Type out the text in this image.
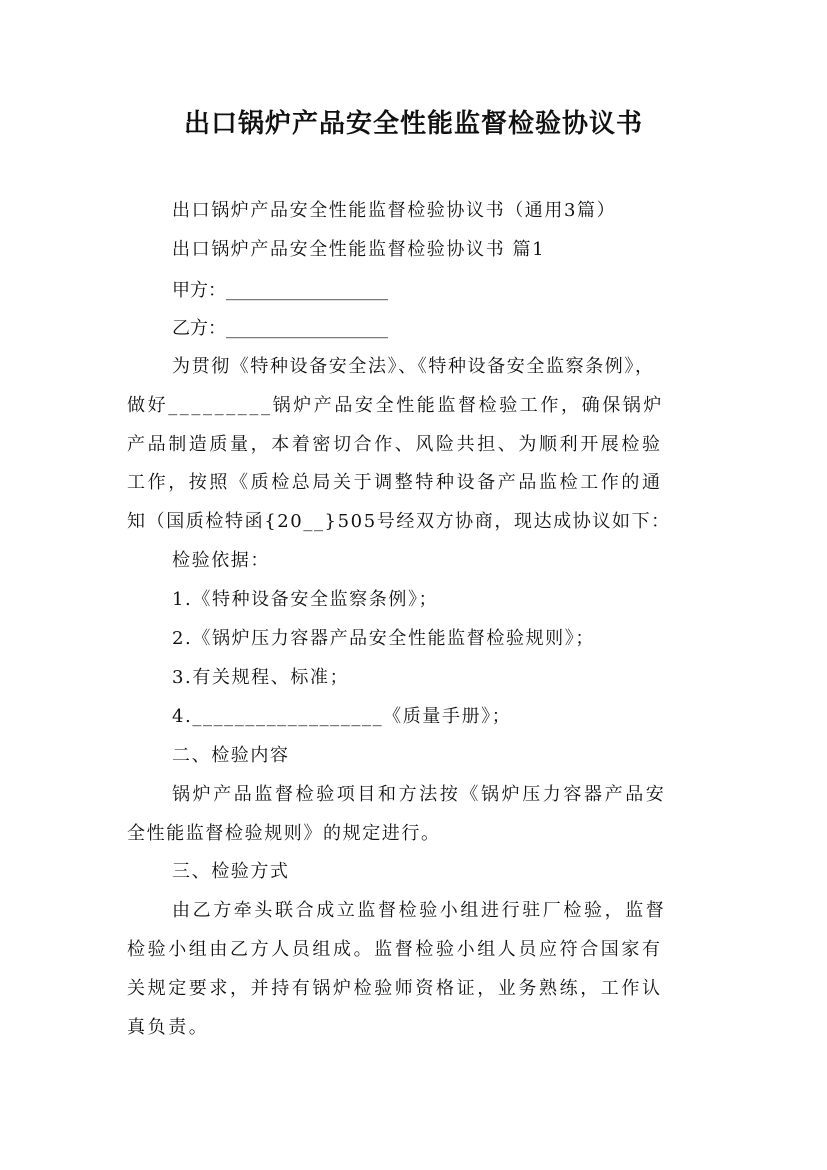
出口锅炉产品安全性能监督检验协议书
出口锅炉产品安全性能监督检验协议书（通用3篇）
出口锅炉产品安全性能监督检验协议书 篇1
甲方：__________________
乙方：__________________
为贯彻《特种设备安全法》、《特种设备安全监察条例》，
做好_________锅炉产品安全性能监督检验工作，确保锅炉
产品制造质量，本着密切合作、风险共担、为顺利开展检验
工作，按照《质检总局关于调整特种设备产品监检工作的通
知（国质检特函{20__}505号经双方协商，现达成协议如下：
检验依据：
1.《特种设备安全监察条例》；
2.《锅炉压力容器产品安全性能监督检验规则》；
3.有关规程、标准；
4.__________________《质量手册》；
二、检验内容
锅炉产品监督检验项目和方法按《锅炉压力容器产品安
全性能监督检验规则》的规定进行。
三、检验方式
由乙方牵头联合成立监督检验小组进行驻厂检验，监督
检验小组由乙方人员组成。监督检验小组人员应符合国家有
关规定要求，并持有锅炉检验师资格证，业务熟练，工作认
真负责。
